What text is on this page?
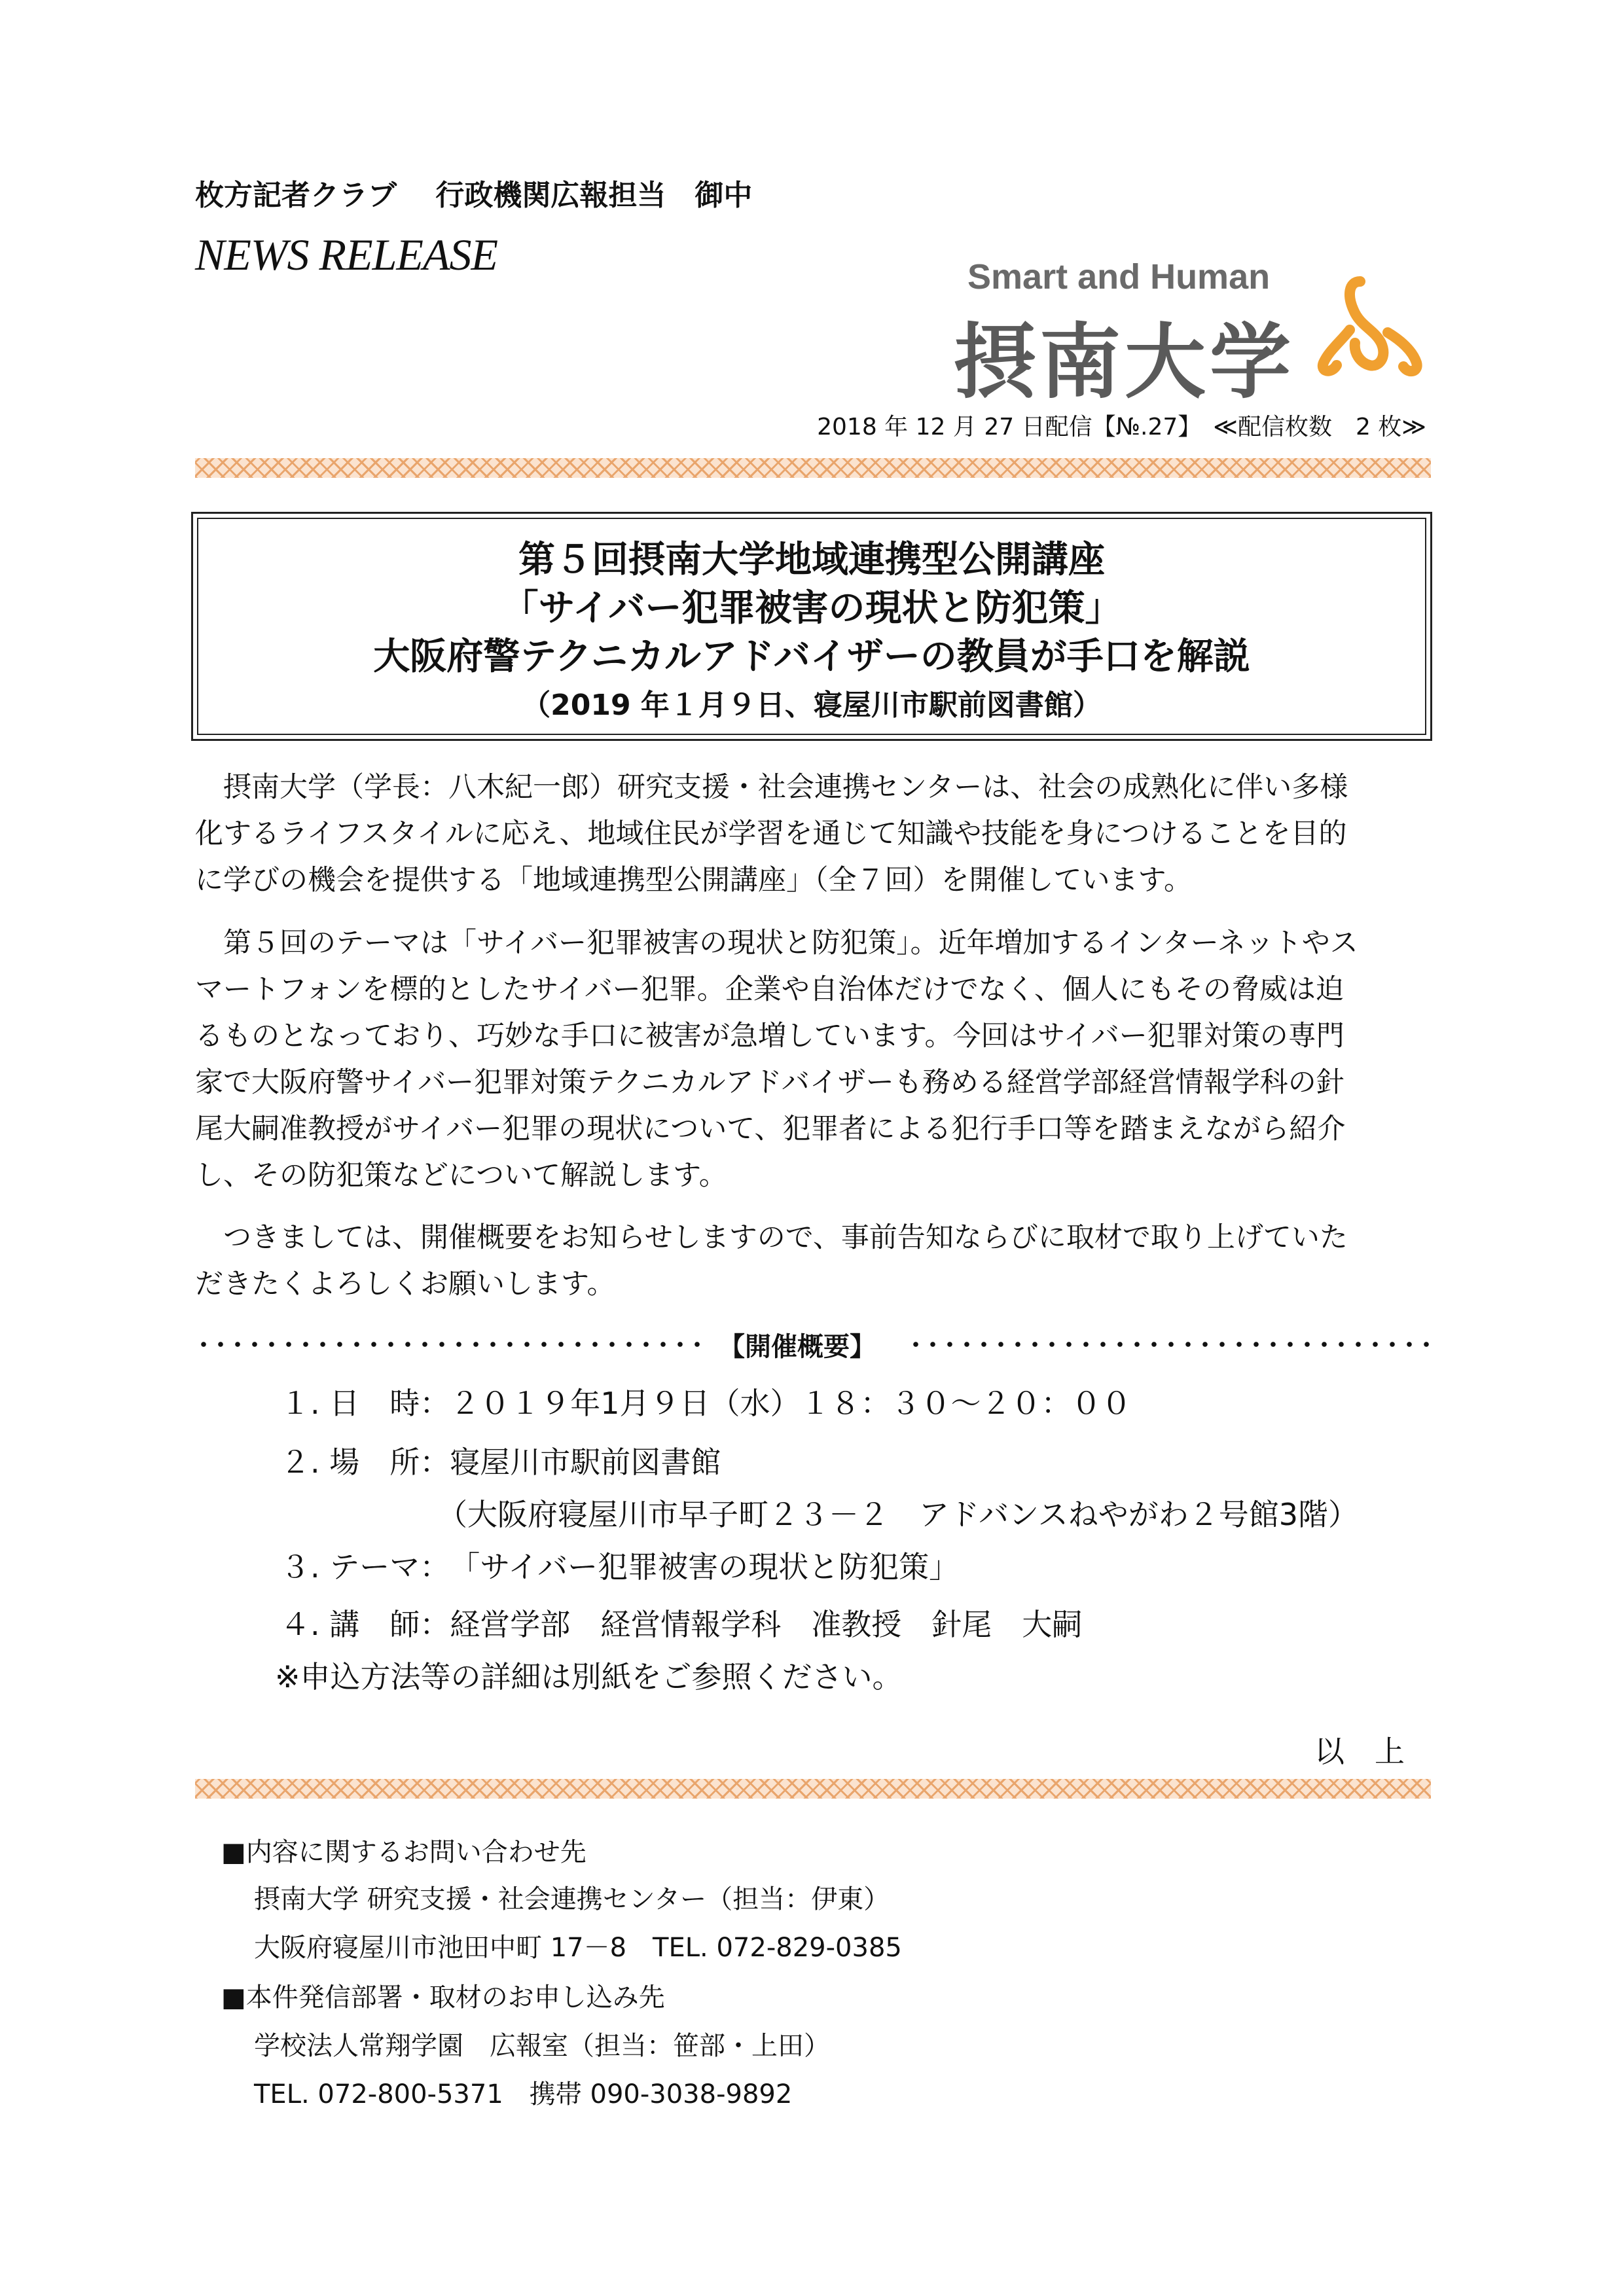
枚方記者クラブ　 行政機関広報担当　御中
NEWS RELEASE	Smart and Human
摂南大学
2018 年 12 月 27 日配信【№.27】　≪配信枚数　2 枚≫
第５回摂南大学地域連携型公開講座
「サイバー犯罪被害の現状と防犯策」
大阪府警テクニカルアドバイザーの教員が手口を解説
（2019 年１月９日、寝屋川市駅前図書館）
　摂南大学（学長：八木紀一郎）研究支援・社会連携センターは、社会の成熟化に伴い多様
化するライフスタイルに応え、地域住民が学習を通じて知識や技能を身につけることを目的
に学びの機会を提供する「地域連携型公開講座」（全７回）を開催しています。
　第５回のテーマは「サイバー犯罪被害の現状と防犯策」。近年増加するインターネットやス
マートフォンを標的としたサイバー犯罪。企業や自治体だけでなく、個人にもその脅威は迫
るものとなっており、巧妙な手口に被害が急増しています。今回はサイバー犯罪対策の専門
家で大阪府警サイバー犯罪対策テクニカルアドバイザーも務める経営学部経営情報学科の針
尾大嗣准教授がサイバー犯罪の現状について、犯罪者による犯行手口等を踏まえながら紹介
し、その防犯策などについて解説します。
　つきましては、開催概要をお知らせしますので、事前告知ならびに取材で取り上げていた
だきたくよろしくお願いします。
【開催概要】
１. 日　時：２０１９年1月９日（水）１８：３０～２０：００
２. 場　所：寝屋川市駅前図書館
（大阪府寝屋川市早子町２３－２　アドバンスねやがわ２号館3階）
３. テーマ：　「サイバー犯罪被害の現状と防犯策」
４. 講　師：経営学部　経営情報学科　准教授　針尾　大嗣
※申込方法等の詳細は別紙をご参照ください。
以　上
■内容に関するお問い合わせ先
摂南大学 研究支援・社会連携センター（担当：伊東）
大阪府寝屋川市池田中町 17－8　TEL. 072-829-0385
■本件発信部署・取材のお申し込み先
学校法人常翔学園　広報室（担当：笹部・上田）
TEL. 072-800-5371　携帯 090-3038-9892
